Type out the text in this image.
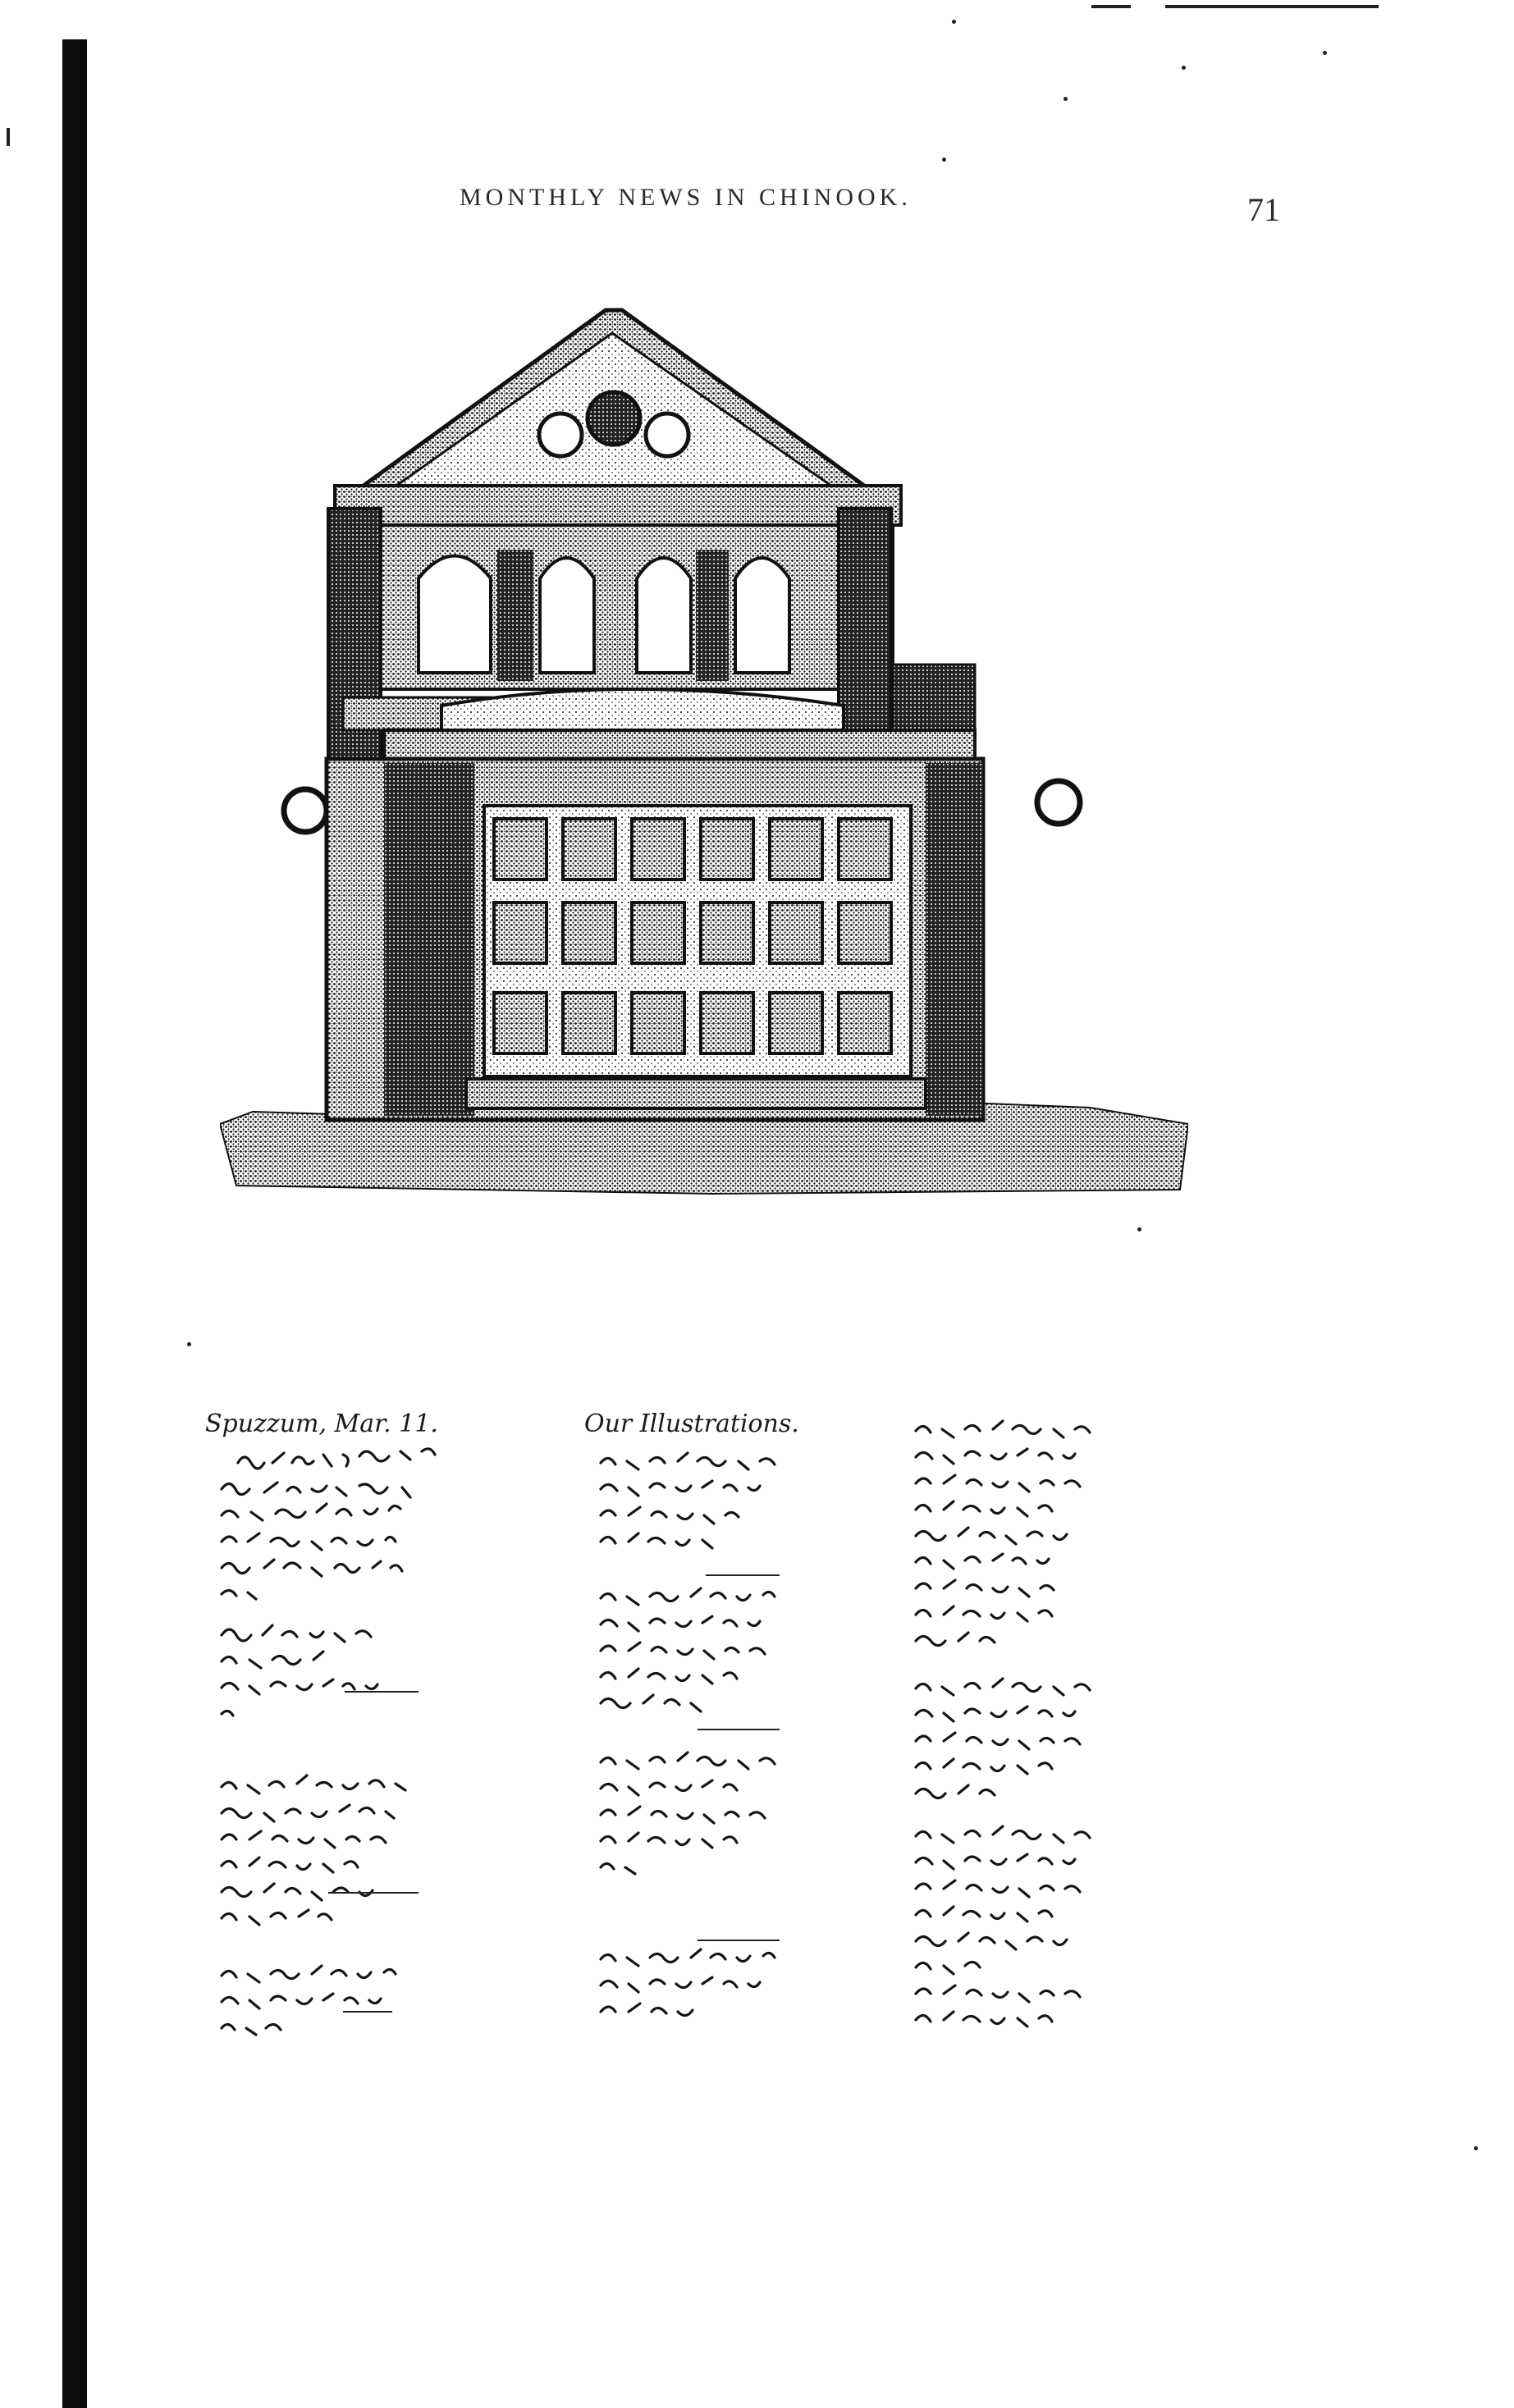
MONTHLY NEWS IN CHINOOK.	71
Spuzzum, Mar. 11.	Our Illustrations.
